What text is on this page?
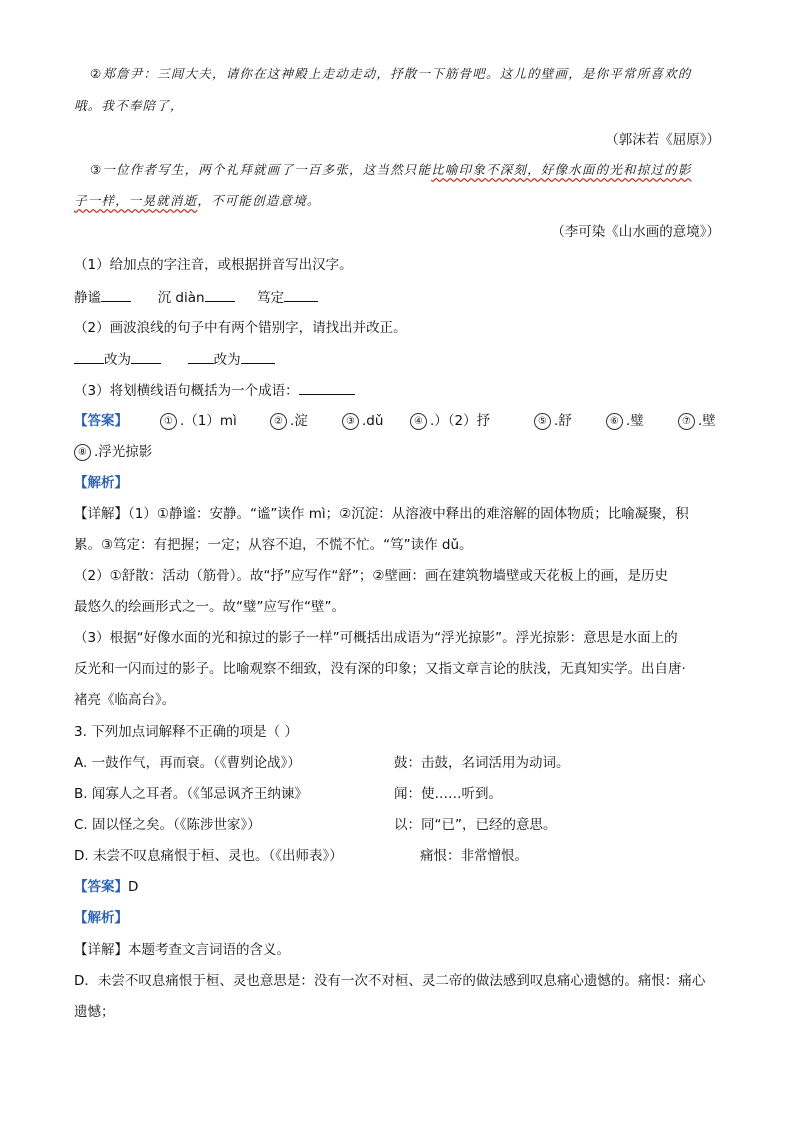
②郑詹尹：三闾大夫，请你在这神殿上走动走动，抒散一下筋骨吧。这儿的壁画，是你平常所喜欢的
哦。我不奉陪了，
（郭沫若《屈原》）
③一位作者写生，两个礼拜就画了一百多张，这当然只能比喻印象不深刻，好像水面的光和掠过的影
子一样，一晃就消逝，不可能创造意境。
（李可染《山水画的意境》）
（1）给加点的字注音，或根据拼音写出汉字。
静谧	沉 diàn	笃定
（2）画波浪线的句子中有两个错别字，请找出并改正。
改为	改为
（3）将划横线语句概括为一个成语：
【答案】	① .（1）mì	② .淀	③ .dǔ	④ .）（2）抒	⑤ .舒	⑥ .璧	⑦ .壁
⑧ .浮光掠影
【解析】
【详解】（1）①静谧：安静。“谧”读作 mì；②沉淀：从溶液中释出的难溶解的固体物质；比喻凝聚，积
累。③笃定：有把握；一定；从容不迫，不慌不忙。“笃”读作 dǔ。
（2）①舒散：活动（筋骨）。故“抒”应写作“舒”；②壁画：画在建筑物墙壁或天花板上的画，是历史
最悠久的绘画形式之一。故“璧”应写作“壁”。
（3）根据“好像水面的光和掠过的影子一样”可概括出成语为“浮光掠影”。浮光掠影：意思是水面上的
反光和一闪而过的影子。比喻观察不细致，没有深的印象；又指文章言论的肤浅，无真知实学。出自唐·
褚亮《临高台》。
3. 下列加点词解释不正确的项是（ ）
A. 一鼓作气，再而衰。（《曹刿论战》）	鼓：击鼓，名词活用为动词。
B. 闻寡人之耳者。（《邹忌讽齐王纳谏》	闻：使……听到。
C. 固以怪之矣。（《陈涉世家》）	以：同“已”，已经的意思。
D. 未尝不叹息痛恨于桓、灵也。（《出师表》）	痛恨：非常憎恨。
【答案】D
【解析】
【详解】本题考查文言词语的含义。
D．未尝不叹息痛恨于桓、灵也意思是：没有一次不对桓、灵二帝的做法感到叹息痛心遗憾的。痛恨：痛心
遗憾；
